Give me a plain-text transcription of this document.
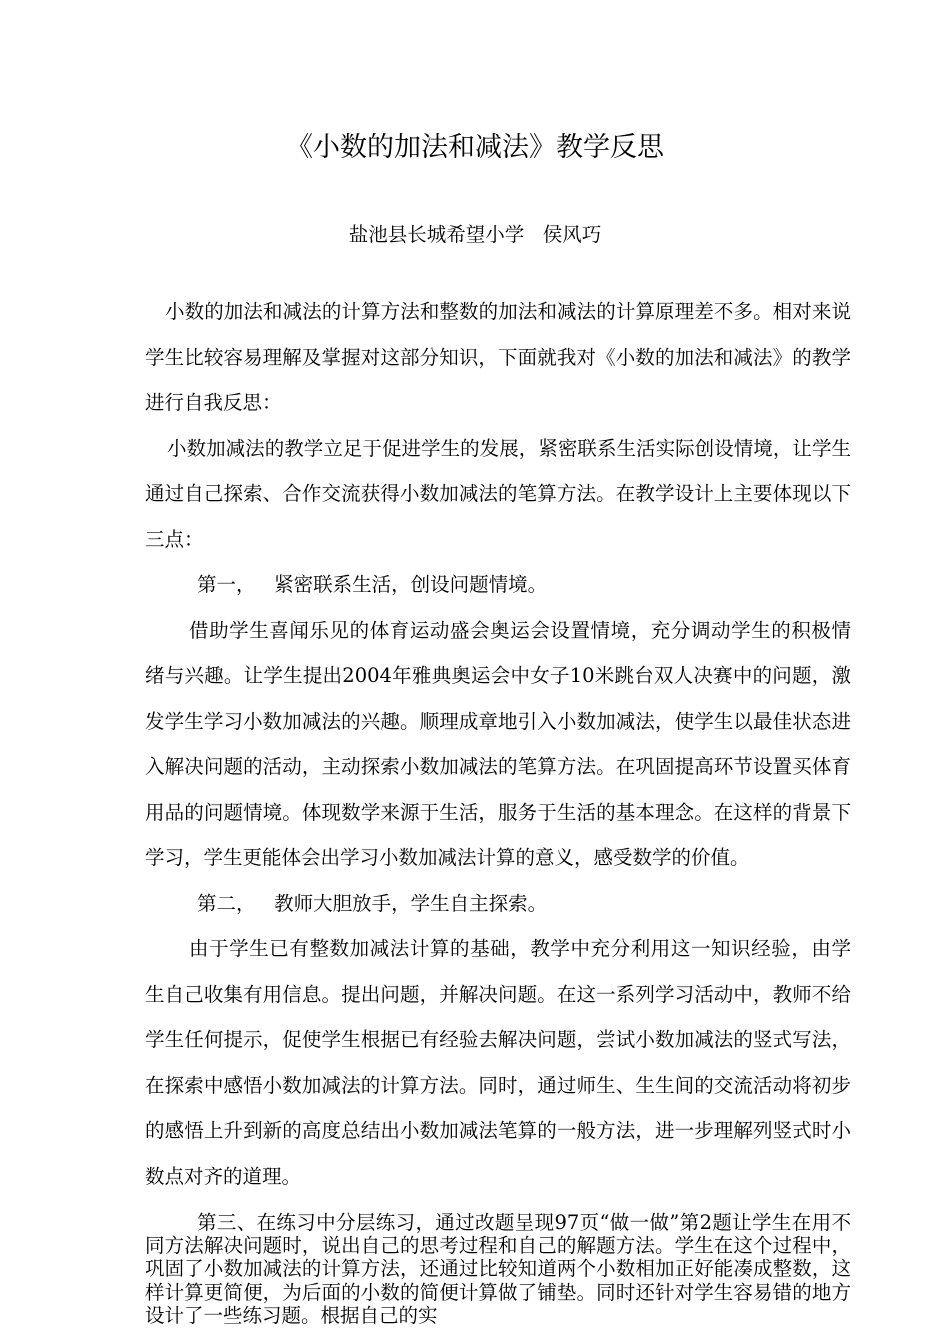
《小数的加法和减法》教学反思
盐池县长城希望小学   侯风巧

小数的加法和减法的计算方法和整数的加法和减法的计算原理差不多。相对来说学生比较容易理解及掌握对这部分知识，下面就我对《小数的加法和减法》的教学进行自我反思：

小数加减法的教学立足于促进学生的发展，紧密联系生活实际创设情境，让学生通过自己探索、合作交流获得小数加减法的笔算方法。在教学设计上主要体现以下三点：

第一，   紧密联系生活，创设问题情境。

借助学生喜闻乐见的体育运动盛会奥运会设置情境，充分调动学生的积极情绪与兴趣。让学生提出2004年雅典奥运会中女子10米跳台双人决赛中的问题，激发学生学习小数加减法的兴趣。顺理成章地引入小数加减法，使学生以最佳状态进入解决问题的活动，主动探索小数加减法的笔算方法。在巩固提高环节设置买体育用品的问题情境。体现数学来源于生活，服务于生活的基本理念。在这样的背景下学习，学生更能体会出学习小数加减法计算的意义，感受数学的价值。

第二，   教师大胆放手，学生自主探索。

由于学生已有整数加减法计算的基础，教学中充分利用这一知识经验，由学生自己收集有用信息。提出问题，并解决问题。在这一系列学习活动中，教师不给学生任何提示，促使学生根据已有经验去解决问题，尝试小数加减法的竖式写法，在探索中感悟小数加减法的计算方法。同时，通过师生、生生间的交流活动将初步的感悟上升到新的高度总结出小数加减法笔算的一般方法，进一步理解列竖式时小数点对齐的道理。

第三、在练习中分层练习，通过改题呈现97页“做一做”第2题让学生在用不同方法解决问题时，说出自己的思考过程和自己的解题方法。学生在这个过程中，巩固了小数加减法的计算方法，还通过比较知道两个小数相加正好能凑成整数，这样计算更简便，为后面的小数的简便计算做了铺垫。同时还针对学生容易错的地方设计了一些练习题。根据自己的实
